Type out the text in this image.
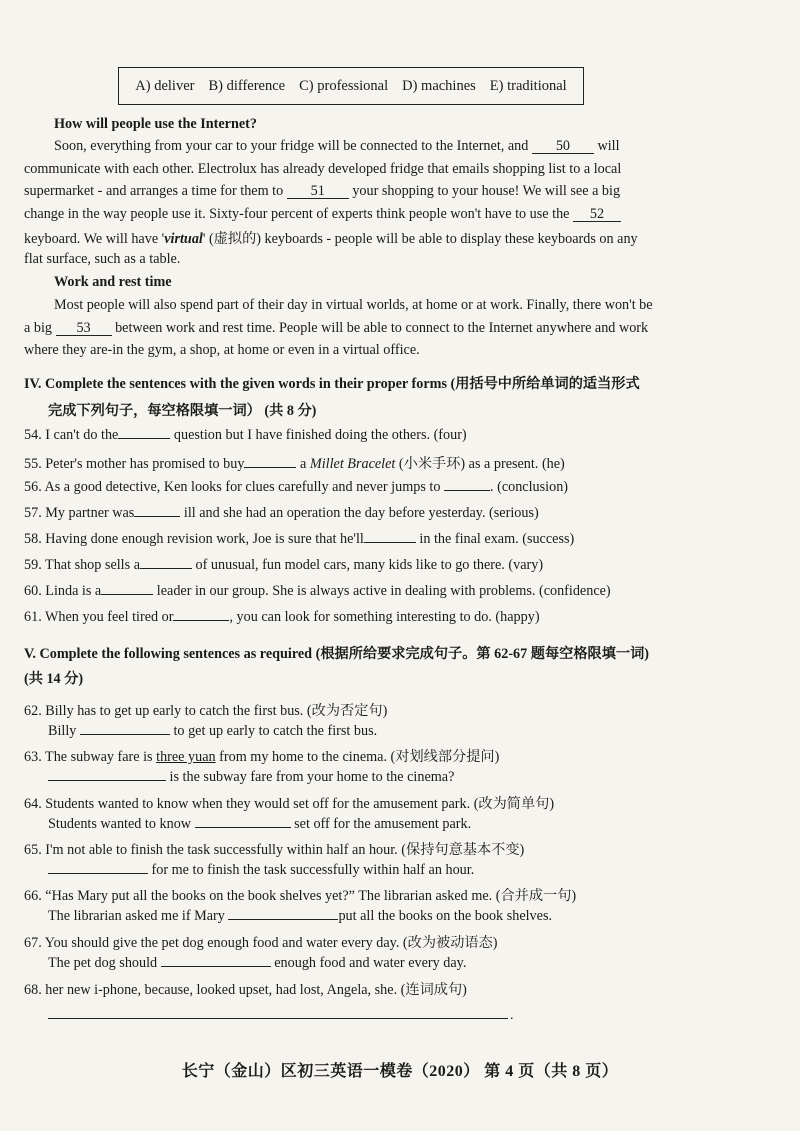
A) deliver B) difference C) professional D) machines E) traditional
How will people use the Internet?
Soon, everything from your car to your fridge will be connected to the Internet, and 50 will
communicate with each other. Electrolux has already developed fridge that emails shopping list to a local
supermarket - and arranges a time for them to 51 your shopping to your house! We will see a big
change in the way people use it. Sixty-four percent of experts think people won't have to use the 52
keyboard. We will have 'virtual' (虚拟的) keyboards - people will be able to display these keyboards on any
flat surface, such as a table.
Work and rest time
Most people will also spend part of their day in virtual worlds, at home or at work. Finally, there won't be
a big 53 between work and rest time. People will be able to connect to the Internet anywhere and work
where they are-in the gym, a shop, at home or even in a virtual office.
IV. Complete the sentences with the given words in their proper forms (用括号中所给单词的适当形式
完成下列句子，每空格限填一词） (共 8 分)
54. I can't do the	question but I have finished doing the others. (four)
55. Peter's mother has promised to buy	a Millet Bracelet (小米手环) as a present. (he)
56. As a good detective, Ken looks for clues carefully and never jumps to	. (conclusion)
57. My partner was	ill and she had an operation the day before yesterday. (serious)
58. Having done enough revision work, Joe is sure that he'll	in the final exam. (success)
59. That shop sells a	of unusual, fun model cars, many kids like to go there. (vary)
60. Linda is a	leader in our group. She is always active in dealing with problems. (confidence)
61. When you feel tired or	, you can look for something interesting to do. (happy)
V. Complete the following sentences as required (根据所给要求完成句子。第 62-67 题每空格限填一词)
(共 14 分)
62. Billy has to get up early to catch the first bus. (改为否定句)
Billy	to get up early to catch the first bus.
63. The subway fare is three yuan from my home to the cinema. (对划线部分提问)
is the subway fare from your home to the cinema?
64. Students wanted to know when they would set off for the amusement park. (改为简单句)
Students wanted to know	set off for the amusement park.
65. I'm not able to finish the task successfully within half an hour. (保持句意基本不变)
for me to finish the task successfully within half an hour.
66. “Has Mary put all the books on the book shelves yet?” The librarian asked me. (合并成一句)
The librarian asked me if Mary	put all the books on the book shelves.
67. You should give the pet dog enough food and water every day. (改为被动语态)
The pet dog should	enough food and water every day.
68. her new i-phone, because, looked upset, had lost, Angela, she. (连词成句)
.
长宁（金山）区初三英语一模卷（2020） 第 4 页（共 8 页）
